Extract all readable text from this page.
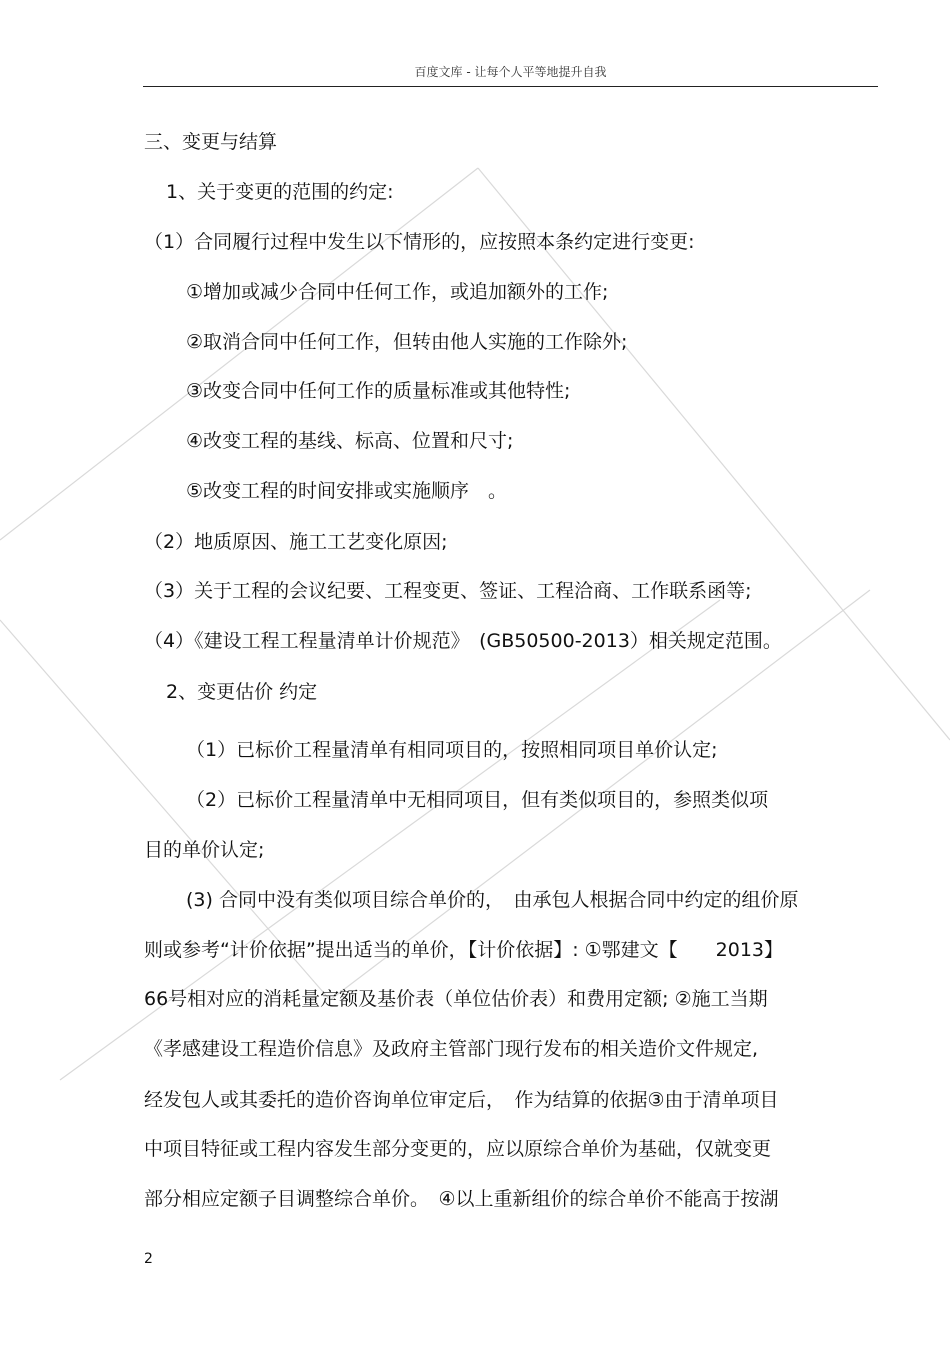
百度文库 - 让每个人平等地提升自我
三、变更与结算
1、关于变更的范围的约定:
（1）合同履行过程中发生以下情形的，应按照本条约定进行变更:
①增加或减少合同中任何工作，或追加额外的工作;
②取消合同中任何工作，但转由他人实施的工作除外;
③改变合同中任何工作的质量标准或其他特性;
④改变工程的基线、标高、位置和尺寸;
⑤改变工程的时间安排或实施顺序　。
（2）地质原因、施工工艺变化原因;
（3）关于工程的会议纪要、工程变更、签证、工程洽商、工作联系函等;
（4）《建设工程工程量清单计价规范》　(GB50500-2013）相关规定范围。
2、变更估价 约定
（1）已标价工程量清单有相同项目的，按照相同项目单价认定;
（2）已标价工程量清单中无相同项目，但有类似项目的，参照类似项
目的单价认定;
(3) 合同中没有类似项目综合单价的，　由承包人根据合同中约定的组价原
则或参考“计价依据”提出适当的单价，【计价依据】: ①鄂建文【　　2013】
66号相对应的消耗量定额及基价表（单位估价表）和费用定额; ②施工当期
《孝感建设工程造价信息》及政府主管部门现行发布的相关造价文件规定,
经发包人或其委托的造价咨询单位审定后，　作为结算的依据③由于清单项目
中项目特征或工程内容发生部分变更的，应以原综合单价为基础，仅就变更
部分相应定额子目调整综合单价。　④以上重新组价的综合单价不能高于按湖
2
